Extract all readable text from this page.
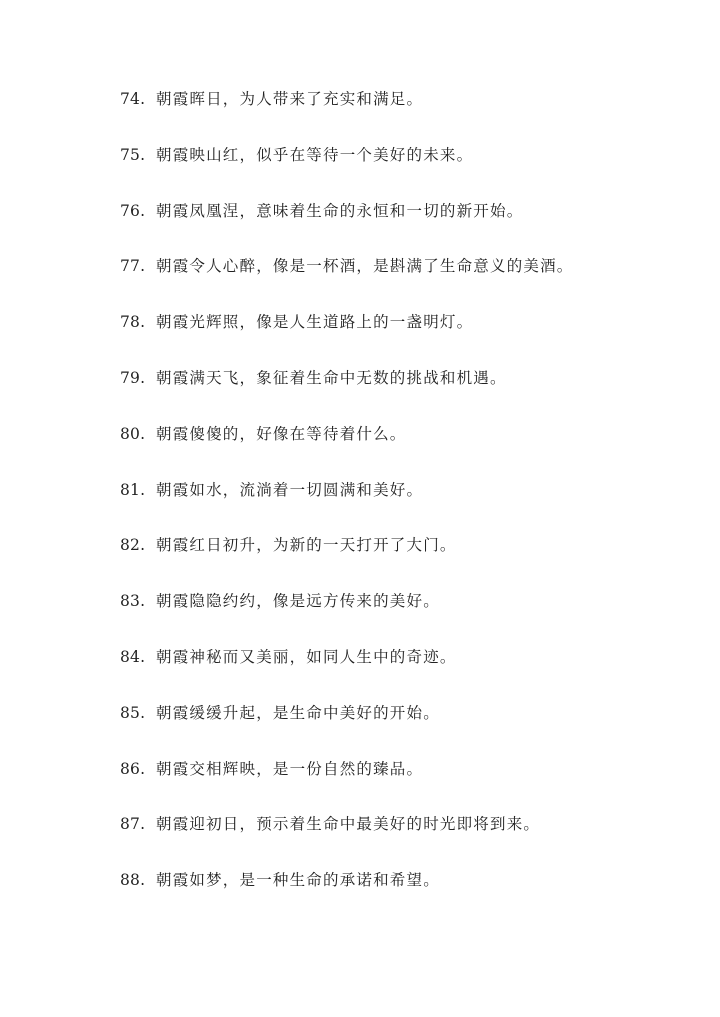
74. 朝霞晖日，为人带来了充实和满足。
75. 朝霞映山红，似乎在等待一个美好的未来。
76. 朝霞凤凰涅，意味着生命的永恒和一切的新开始。
77. 朝霞令人心醉，像是一杯酒，是斟满了生命意义的美酒。
78. 朝霞光辉照，像是人生道路上的一盏明灯。
79. 朝霞满天飞，象征着生命中无数的挑战和机遇。
80. 朝霞傻傻的，好像在等待着什么。
81. 朝霞如水，流淌着一切圆满和美好。
82. 朝霞红日初升，为新的一天打开了大门。
83. 朝霞隐隐约约，像是远方传来的美好。
84. 朝霞神秘而又美丽，如同人生中的奇迹。
85. 朝霞缓缓升起，是生命中美好的开始。
86. 朝霞交相辉映，是一份自然的臻品。
87. 朝霞迎初日，预示着生命中最美好的时光即将到来。
88. 朝霞如梦，是一种生命的承诺和希望。
